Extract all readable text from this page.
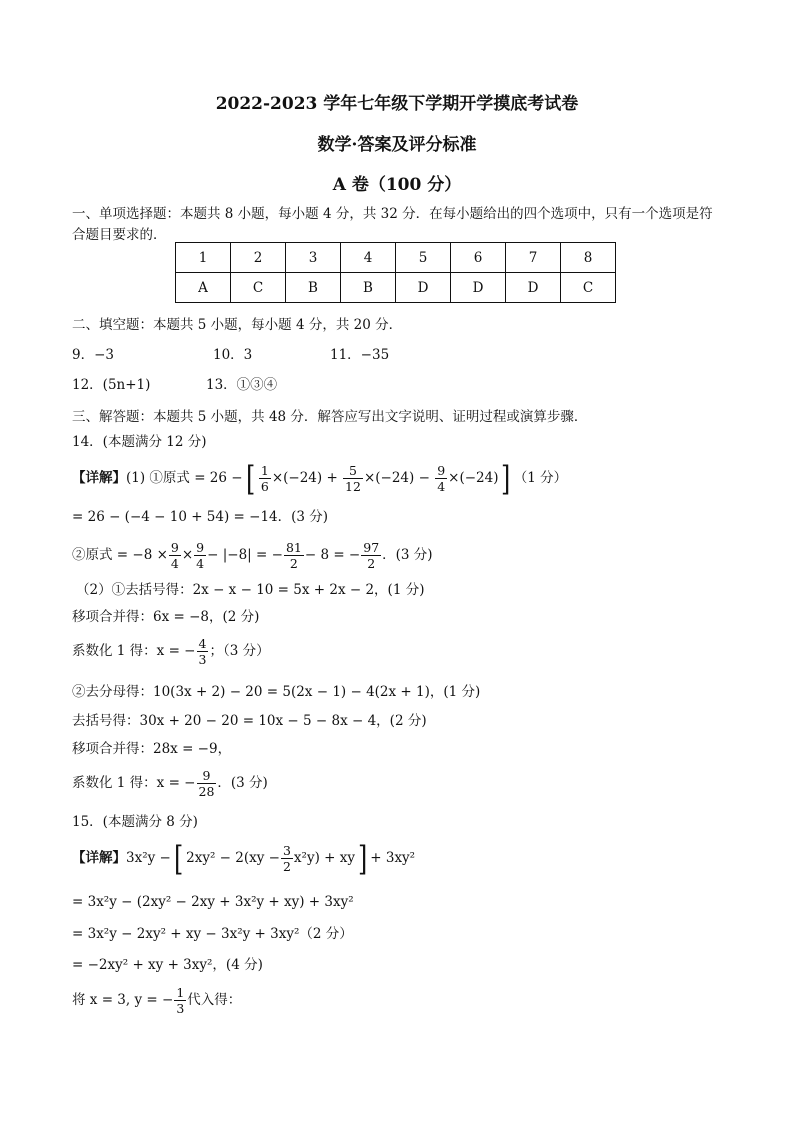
2022-2023 学年七年级下学期开学摸底考试卷
数学·答案及评分标准
A 卷（100 分）
一、单项选择题：本题共 8 小题，每小题 4 分，共 32 分．在每小题给出的四个选项中，只有一个选项是符
合题目要求的．
1	2	3	4	5	6	7	8
A	C	B	B	D	D	D	C
二、填空题：本题共 5 小题，每小题 4 分，共 20 分．
9．−3	10．3	11．−35
12．(5n+1)	13．①③④
三、解答题：本题共 5 小题，共 48 分．解答应写出文字说明、证明过程或演算步骤．
14．(本题满分 12 分)
【详解】(1) ①原式 = 26 −[ $\frac{1}{6} \times(-24) + \frac{5}{12} \times(-24) - \frac{9}{4} \times(-24)$] （1 分）
= 26 − (−4 − 10 + 54) = −14．(3 分)
②原式 = $-8 \times \frac{9}{4} \times \frac{9}{4} - |-8|$ = − $\frac{81}{2} - 8$ = − $\frac{97}{2}$ ．(3 分)
（2）①去括号得：2x − x − 10 = 5x + 2x − 2，(1 分)
移项合并得：6x = −8，(2 分)
系数化 1 得：x = − $\frac{4}{3}$ ；（3 分）
②去分母得：10(3x + 2) − 20 = 5(2x − 1) − 4(2x + 1)，(1 分)
去括号得：30x + 20 − 20 = 10x − 5 − 8x − 4，(2 分)
移项合并得：28x = −9，
系数化 1 得：x = − $\frac{9}{28}$ ．(3 分)
15．(本题满分 8 分)
【详解】3x²y −[ $2xy^2 - 2(xy - \frac{3}{2} x^2y) + xy] + 3xy^2$
= 3x²y − (2xy² − 2xy + 3x²y + xy) + 3xy²
= 3x²y − 2xy² + xy − 3x²y + 3xy²（2 分）
= −2xy² + xy + 3xy²，(4 分)
将 x = 3, y = − $\frac{1}{3}$ 代入得：
